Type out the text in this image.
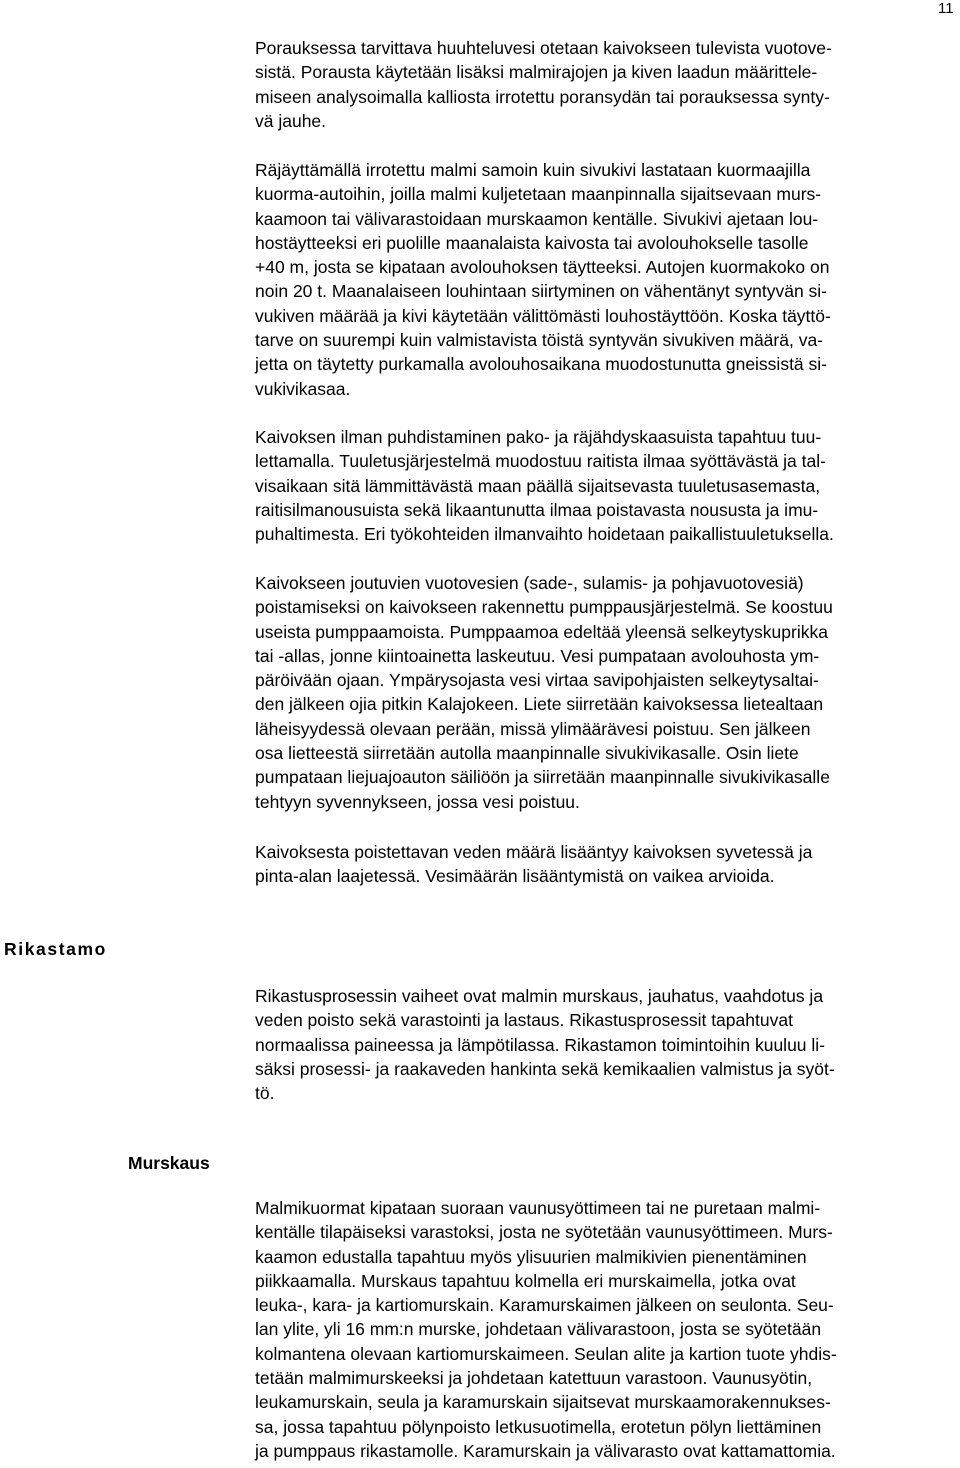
11

Porauksessa tarvittava huuhteluvesi otetaan kaivokseen tulevista vuotove-
sistä. Porausta käytetään lisäksi malmirajojen ja kiven laadun määrittele-
miseen analysoimalla kalliosta irrotettu poransydän tai porauksessa synty-
vä jauhe.

Räjäyttämällä irrotettu malmi samoin kuin sivukivi lastataan kuormaajilla
kuorma-autoihin, joilla malmi kuljetetaan maanpinnalla sijaitsevaan murs-
kaamoon tai välivarastoidaan murskaamon kentälle. Sivukivi ajetaan lou-
hostäytteeksi eri puolille maanalaista kaivosta tai avolouhokselle tasolle
+40 m, josta se kipataan avolouhoksen täytteeksi. Autojen kuormakoko on
noin 20 t. Maanalaiseen louhintaan siirtyminen on vähentänyt syntyvän si-
vukiven määrää ja kivi käytetään välittömästi louhostäyttöön. Koska täyttö-
tarve on suurempi kuin valmistavista töistä syntyvän sivukiven määrä, va-
jetta on täytetty purkamalla avolouhosaikana muodostunutta gneissistä si-
vukivikasaa.

Kaivoksen ilman puhdistaminen pako- ja räjähdyskaasuista tapahtuu tuu-
lettamalla. Tuuletusjärjestelmä muodostuu raitista ilmaa syöttävästä ja tal-
visaikaan sitä lämmittävästä maan päällä sijaitsevasta tuuletusasemasta,
raitisilmanousuista sekä likaantunutta ilmaa poistavasta noususta ja imu-
puhaltimesta. Eri työkohteiden ilmanvaihto hoidetaan paikallistuuletuksella.

Kaivokseen joutuvien vuotovesien (sade-, sulamis- ja pohjavuotovesiä)
poistamiseksi on kaivokseen rakennettu pumppausjärjestelmä. Se koostuu
useista pumppaamoista. Pumppaamoa edeltää yleensä selkeytyskuprikka
tai -allas, jonne kiintoainetta laskeutuu. Vesi pumpataan avolouhosta ym-
päröivään ojaan. Ympärysojasta vesi virtaa savipohjaisten selkeytysaltai-
den jälkeen ojia pitkin Kalajokeen. Liete siirretään kaivoksessa lietealtaan
läheisyydessä olevaan perään, missä ylimäärävesi poistuu. Sen jälkeen
osa lietteestä siirretään autolla maanpinnalle sivukivikasalle. Osin liete
pumpataan liejuajoauton säiliöön ja siirretään maanpinnalle sivukivikasalle
tehtyyn syvennykseen, jossa vesi poistuu.

Kaivoksesta poistettavan veden määrä lisääntyy kaivoksen syvetessä ja
pinta-alan laajetessä. Vesimäärän lisääntymistä on vaikea arvioida.

Rikastamo

Rikastusprosessin vaiheet ovat malmin murskaus, jauhatus, vaahdotus ja
veden poisto sekä varastointi ja lastaus. Rikastusprosessit tapahtuvat
normaalissa paineessa ja lämpötilassa. Rikastamon toimintoihin kuuluu li-
säksi prosessi- ja raakaveden hankinta sekä kemikaalien valmistus ja syöt-
tö.

Murskaus

Malmikuormat kipataan suoraan vaunusyöttimeen tai ne puretaan malmi-
kentälle tilapäiseksi varastoksi, josta ne syötetään vaunusyöttimeen. Murs-
kaamon edustalla tapahtuu myös ylisuurien malmikivien pienentäminen
piikkaamalla. Murskaus tapahtuu kolmella eri murskaimella, jotka ovat
leuka-, kara- ja kartiomurskain. Karamurskaimen jälkeen on seulonta. Seu-
lan ylite, yli 16 mm:n murske, johdetaan välivarastoon, josta se syötetään
kolmantena olevaan kartiomurskaimeen. Seulan alite ja kartion tuote yhdis-
tetään malmimurskeeksi ja johdetaan katettuun varastoon. Vaunusyötin,
leukamurskain, seula ja karamurskain sijaitsevat murskaamorakennukses-
sa, jossa tapahtuu pölynpoisto letkusuotimella, erotetun pölyn liettäminen
ja pumppaus rikastamolle. Karamurskain ja välivarasto ovat kattamattomia.
